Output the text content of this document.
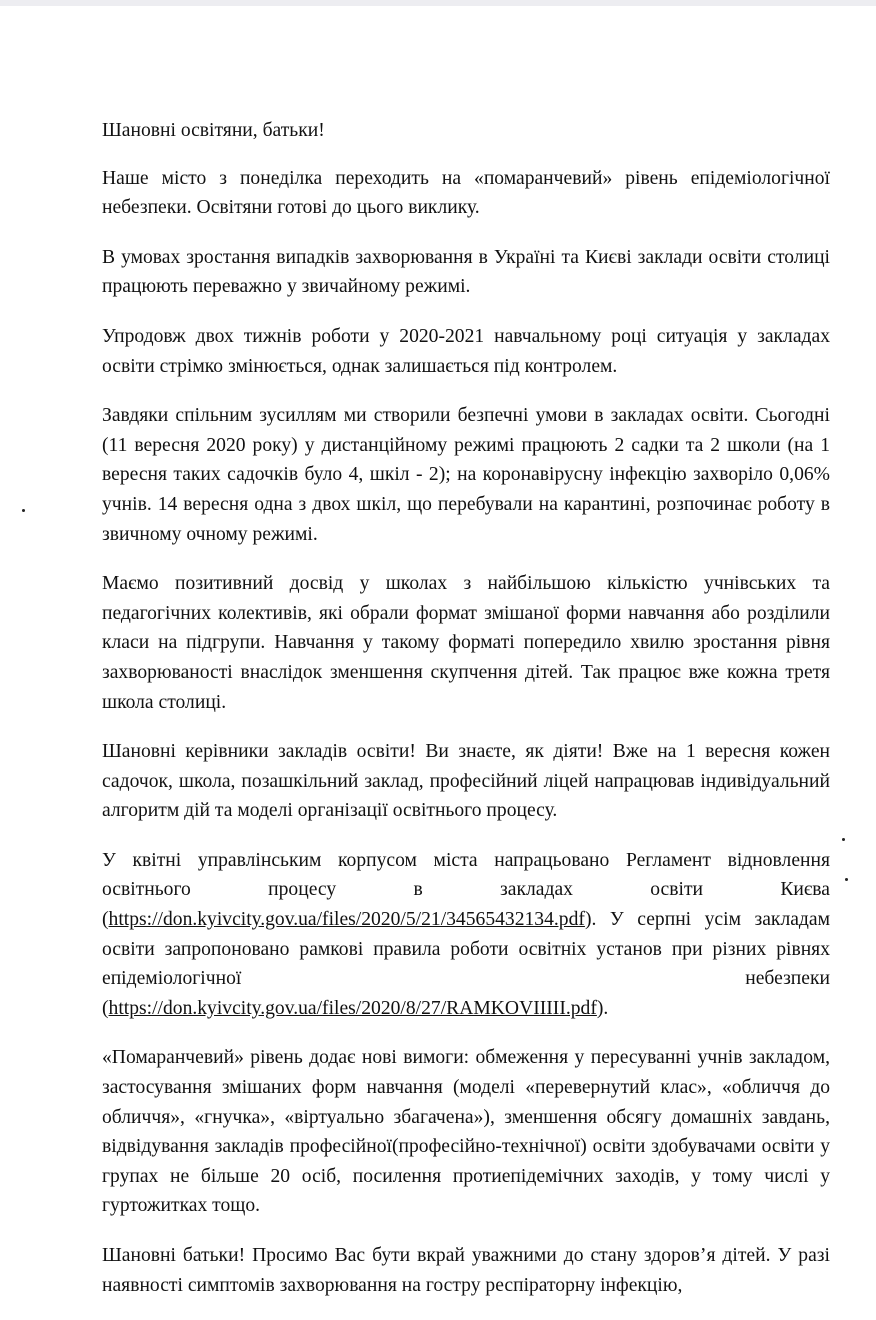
Шановні освітяни, батьки!

Наше місто з понеділка переходить на «помаранчевий» рівень епідеміологічної небезпеки. Освітяни готові до цього виклику.

В умовах зростання випадків захворювання в Україні та Києві заклади освіти столиці працюють переважно у звичайному режимі.

Упродовж двох тижнів роботи у 2020-2021 навчальному році ситуація у закладах освіти стрімко змінюється, однак залишається під контролем.

Завдяки спільним зусиллям ми створили безпечні умови в закладах освіти. Сьогодні (11 вересня 2020 року) у дистанційному режимі працюють 2 садки та 2 школи (на 1 вересня таких садочків було 4, шкіл - 2); на коронавірусну інфекцію захворіло 0,06% учнів. 14 вересня одна з двох шкіл, що перебували на карантині, розпочинає роботу в звичному очному режимі.

Маємо позитивний досвід у школах з найбільшою кількістю учнівських та педагогічних колективів, які обрали формат змішаної форми навчання або розділили класи на підгрупи. Навчання у такому форматі попередило хвилю зростання рівня захворюваності внаслідок зменшення скупчення дітей. Так працює вже кожна третя школа столиці.

Шановні керівники закладів освіти! Ви знаєте, як діяти! Вже на 1 вересня кожен садочок, школа, позашкільний заклад, професійний ліцей напрацював індивідуальний алгоритм дій та моделі організації освітнього процесу.

У квітні управлінським корпусом міста напрацьовано Регламент відновлення освітнього процесу в закладах освіти Києва (https://don.kyivcity.gov.ua/files/2020/5/21/34565432134.pdf). У серпні усім закладам освіти запропоновано рамкові правила роботи освітніх установ при різних рівнях епідеміологічної небезпеки (https://don.kyivcity.gov.ua/files/2020/8/27/RAMKOVIIIII.pdf).

«Помаранчевий» рівень додає нові вимоги: обмеження у пересуванні учнів закладом, застосування змішаних форм навчання (моделі «перевернутий клас», «обличчя до обличчя», «гнучка», «віртуально збагачена»), зменшення обсягу домашніх завдань, відвідування закладів професійної(професійно-технічної) освіти здобувачами освіти у групах не більше 20 осіб, посилення протиепідемічних заходів, у тому числі у гуртожитках тощо.

Шановні батьки! Просимо Вас бути вкрай уважними до стану здоров’я дітей. У разі наявності симптомів захворювання на гостру респіраторну інфекцію,
